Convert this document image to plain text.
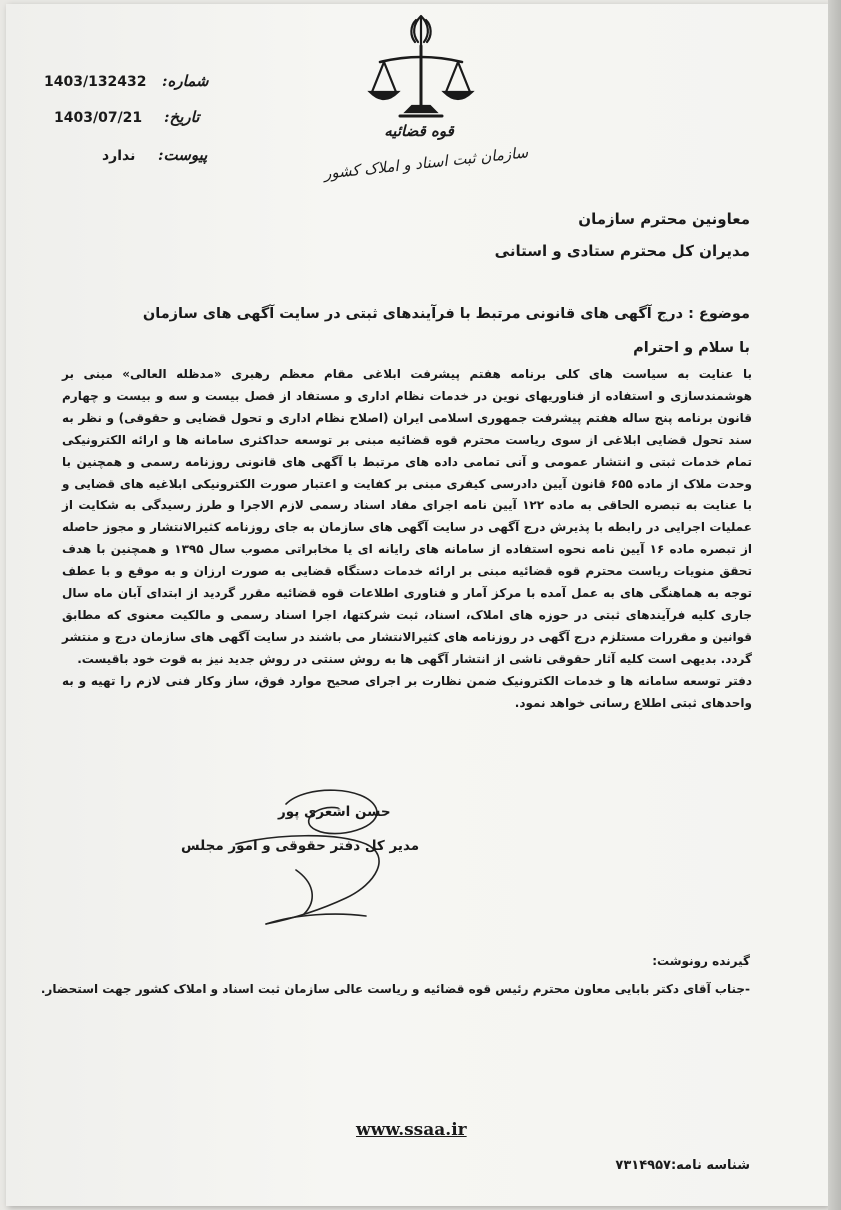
1403/132432 شماره:
1403/07/21 تاریخ:
ندارد پیوست:
قوه قضائیه
سازمان ثبت اسناد و املاک کشور
معاونین محترم سازمان
مدیران کل محترم ستادی و استانی
موضوع : درج آگهی های قانونی مرتبط با فرآیندهای ثبتی در سایت آگهی های سازمان
با سلام و احترام

با عنایت به سیاست های کلی برنامه هفتم پیشرفت ابلاغی مقام معظم رهبری «مدظله العالی» مبنی بر هوشمندسازی و استفاده از فناوریهای نوین در خدمات نظام اداری و مستفاد از فصل بیست و سه و بیست و چهارم قانون برنامه پنج ساله هفتم پیشرفت جمهوری اسلامی ایران (اصلاح نظام اداری و تحول قضایی و حقوقی) و نظر به سند تحول قضایی ابلاغی از سوی ریاست محترم قوه قضائیه مبنی بر توسعه حداکثری سامانه ها و ارائه الکترونیکی تمام خدمات ثبتی و انتشار عمومی و آنی تمامی داده های مرتبط با آگهی های قانونی روزنامه رسمی و همچنین با وحدت ملاک از ماده ۶۵۵ قانون آیین دادرسی کیفری مبنی بر کفایت و اعتبار صورت الکترونیکی ابلاغیه های قضایی و با عنایت به تبصره الحاقی به ماده ۱۲۲ آیین نامه اجرای مفاد اسناد رسمی لازم الاجرا و طرز رسیدگی به شکایت از عملیات اجرایی در رابطه با پذیرش درج آگهی در سایت آگهی های سازمان به جای روزنامه کثیرالانتشار و مجوز حاصله از تبصره ماده ۱۶ آیین نامه نحوه استفاده از سامانه های رایانه ای یا مخابراتی مصوب سال ۱۳۹۵ و همچنین با هدف تحقق منویات ریاست محترم قوه قضائیه مبنی بر ارائه خدمات دستگاه قضایی به صورت ارزان و به موقع و با عطف توجه به هماهنگی های به عمل آمده با مرکز آمار و فناوری اطلاعات قوه قضائیه مقرر گردید از ابتدای آبان ماه سال جاری کلیه فرآیندهای ثبتی در حوزه های املاک، اسناد، ثبت شرکتها، اجرا اسناد رسمی و مالکیت معنوی که مطابق قوانین و مقررات مستلزم درج آگهی در روزنامه های کثیرالانتشار می باشند در سایت آگهی های سازمان درج و منتشر گردد. بدیهی است کلیه آثار حقوقی ناشی از انتشار آگهی ها به روش سنتی در روش جدید نیز به قوت خود باقیست.

دفتر توسعه سامانه ها و خدمات الکترونیک ضمن نظارت بر اجرای صحیح موارد فوق، ساز وکار فنی لازم را تهیه و به واحدهای ثبتی اطلاع رسانی خواهد نمود.

حسن اشعری پور
مدیر کل دفتر حقوقی و امور مجلس
گیرنده رونوشت:
-جناب آقای دکتر بابایی معاون محترم رئیس قوه قضائیه و ریاست عالی سازمان ثبت اسناد و املاک کشور جهت استحضار.
www.ssaa.ir
شناسه نامه:۷۳۱۴۹۵۷
